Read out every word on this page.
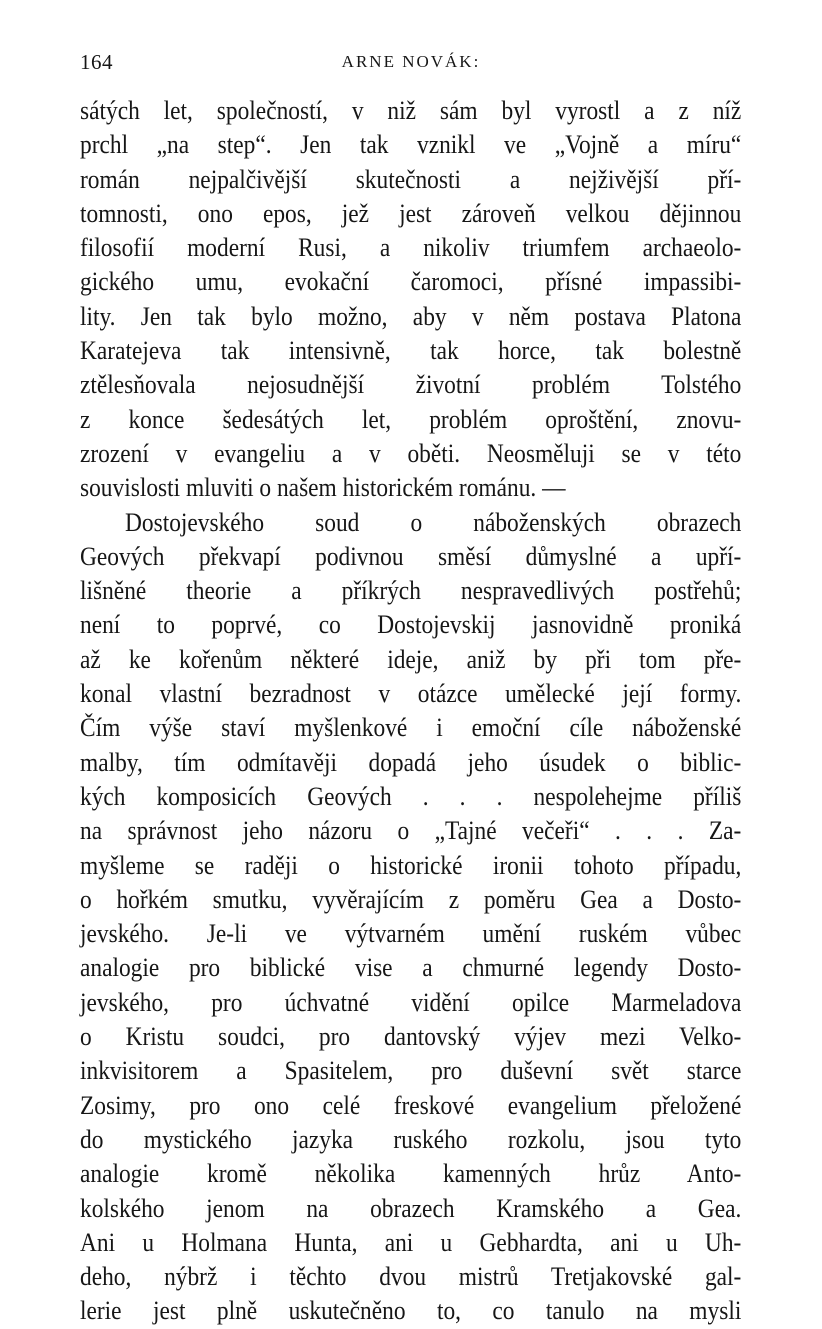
164	ARNE NOVÁK:
sátých let, společností, v niž sám byl vyrostl a z níž
prchl „na step“. Jen tak vznikl ve „Vojně a míru“
román nejpalčivější skutečnosti a nejživější pří-
tomnosti, ono epos, jež jest zároveň velkou dějinnou
filosofií moderní Rusi, a nikoliv triumfem archaeolo-
gického umu, evokační čaromoci, přísné impassibi-
lity. Jen tak bylo možno, aby v něm postava Platona
Karatejeva tak intensivně, tak horce, tak bolestně
ztělesňovala nejosudnější životní problém Tolstého
z konce šedesátých let, problém oproštění, znovu-
zrození v evangeliu a v oběti. Neosměluji se v této
souvislosti mluviti o našem historickém románu. —
Dostojevského soud o náboženských obrazech
Geových překvapí podivnou směsí důmyslné a upří-
lišněné theorie a příkrých nespravedlivých postřehů;
není to poprvé, co Dostojevskij jasnovidně proniká
až ke kořenům některé ideje, aniž by při tom pře-
konal vlastní bezradnost v otázce umělecké její formy.
Čím výše staví myšlenkové i emoční cíle náboženské
malby, tím odmítavěji dopadá jeho úsudek o biblic-
kých komposicích Geových . . . nespolehejme příliš
na správnost jeho názoru o „Tajné večeři“ . . . Za-
myšleme se raději o historické ironii tohoto případu,
o hořkém smutku, vyvěrajícím z poměru Gea a Dosto-
jevského. Je-li ve výtvarném umění ruském vůbec
analogie pro biblické vise a chmurné legendy Dosto-
jevského, pro úchvatné vidění opilce Marmeladova
o Kristu soudci, pro dantovský výjev mezi Velko-
inkvisitorem a Spasitelem, pro duševní svět starce
Zosimy, pro ono celé freskové evangelium přeložené
do mystického jazyka ruského rozkolu, jsou tyto
analogie kromě několika kamenných hrůz Anto-
kolského jenom na obrazech Kramského a Gea.
Ani u Holmana Hunta, ani u Gebhardta, ani u Uh-
deho, nýbrž i těchto dvou mistrů Tretjakovské gal-
lerie jest plně uskutečněno to, co tanulo na mysli
